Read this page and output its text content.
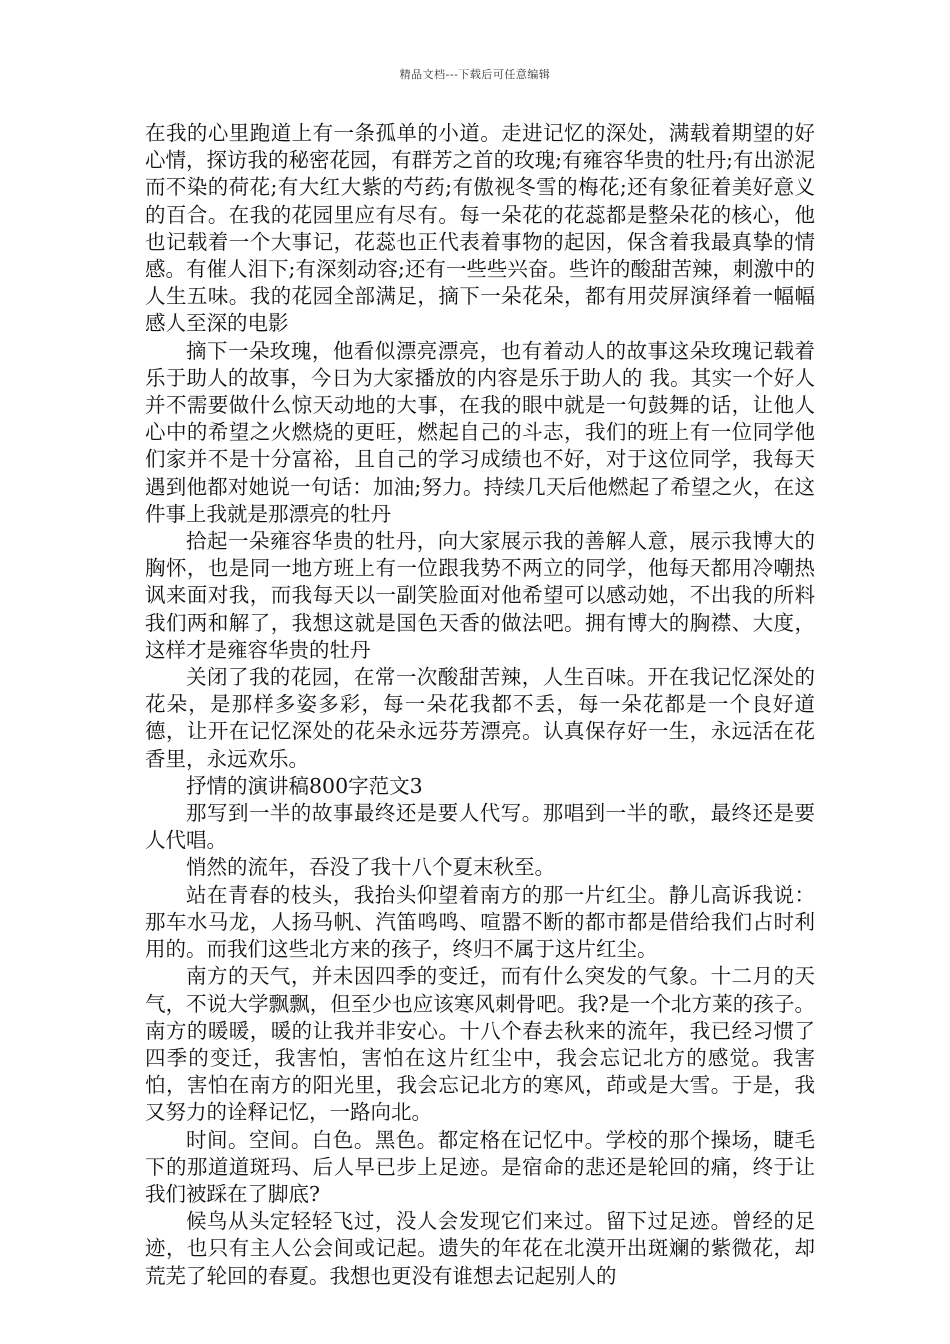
精品文档---下载后可任意编辑

在我的心里跑道上有一条孤单的小道。走进记忆的深处，满载着期望的好心情，探访我的秘密花园，有群芳之首的玫瑰;有雍容华贵的牡丹;有出淤泥而不染的荷花;有大红大紫的芍药;有傲视冬雪的梅花;还有象征着美好意义的百合。在我的花园里应有尽有。每一朵花的花蕊都是整朵花的核心，他也记载着一个大事记，花蕊也正代表着事物的起因，保含着我最真挚的情感。有催人泪下;有深刻动容;还有一些些兴奋。些许的酸甜苦辣，刺激中的人生五味。我的花园全部满足，摘下一朵花朵，都有用荧屏演绎着一幅幅感人至深的电影

摘下一朵玫瑰，他看似漂亮漂亮，也有着动人的故事这朵玫瑰记载着乐于助人的故事，今日为大家播放的内容是乐于助人的 我。其实一个好人并不需要做什么惊天动地的大事，在我的眼中就是一句鼓舞的话，让他人心中的希望之火燃烧的更旺，燃起自己的斗志，我们的班上有一位同学他们家并不是十分富裕，且自己的学习成绩也不好，对于这位同学，我每天遇到他都对她说一句话：加油;努力。持续几天后他燃起了希望之火，在这件事上我就是那漂亮的牡丹

拾起一朵雍容华贵的牡丹，向大家展示我的善解人意，展示我博大的胸怀，也是同一地方班上有一位跟我势不两立的同学，他每天都用冷嘲热讽来面对我，而我每天以一副笑脸面对他希望可以感动她，不出我的所料我们两和解了，我想这就是国色天香的做法吧。拥有博大的胸襟、大度，这样才是雍容华贵的牡丹

关闭了我的花园，在常一次酸甜苦辣，人生百味。开在我记忆深处的花朵，是那样多姿多彩，每一朵花我都不丢，每一朵花都是一个良好道德，让开在记忆深处的花朵永远芬芳漂亮。认真保存好一生，永远活在花香里，永远欢乐。

抒情的演讲稿800字范文3

那写到一半的故事最终还是要人代写。那唱到一半的歌，最终还是要人代唱。

悄然的流年，吞没了我十八个夏末秋至。

站在青春的枝头，我抬头仰望着南方的那一片红尘。静儿高诉我说：那车水马龙，人扬马帆、汽笛鸣鸣、喧嚣不断的都市都是借给我们占时利用的。而我们这些北方来的孩子，终归不属于这片红尘。

南方的天气，并未因四季的变迁，而有什么突发的气象。十二月的天气，不说大学飘飘，但至少也应该寒风刺骨吧。我?是一个北方莱的孩子。南方的暖暖，暖的让我并非安心。十八个春去秋来的流年，我已经习惯了四季的变迁，我害怕，害怕在这片红尘中，我会忘记北方的感觉。我害怕，害怕在南方的阳光里，我会忘记北方的寒风，茚或是大雪。于是，我又努力的诠释记忆，一路向北。

时间。空间。白色。黑色。都定格在记忆中。学校的那个操场，睫毛下的那道道斑玛、后人早已步上足迹。是宿命的悲还是轮回的痛，终于让我们被踩在了脚底?

候鸟从头定轻轻飞过，没人会发现它们来过。留下过足迹。曾经的足迹，也只有主人公会间或记起。遗失的年花在北漠开出斑斓的紫微花，却荒芜了轮回的春夏。我想也更没有谁想去记起别人的
